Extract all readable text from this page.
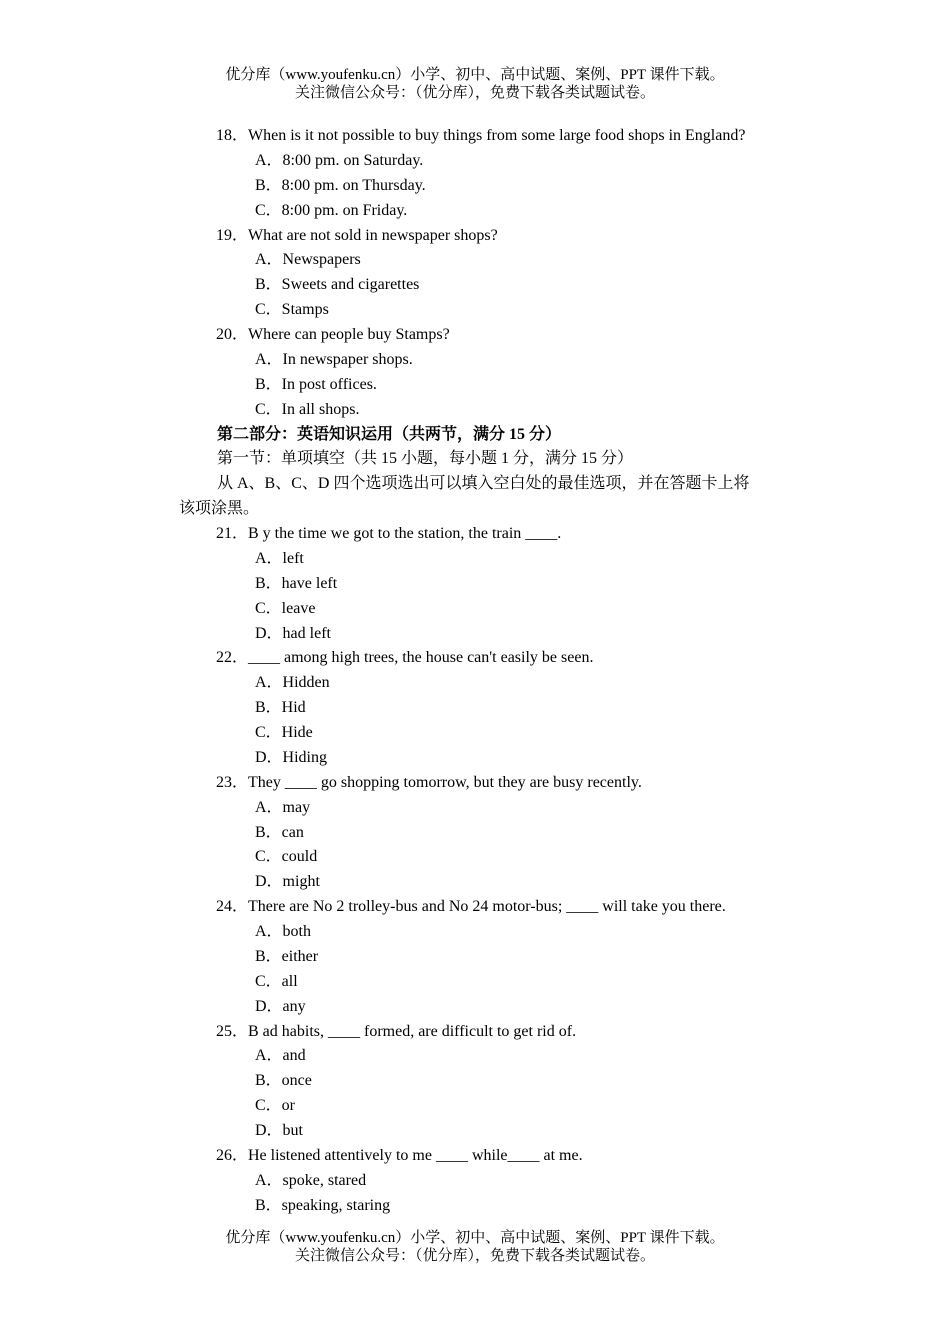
优分库（www.youfenku.cn）小学、初中、高中试题、案例、PPT 课件下载。
关注微信公众号：（优分库），免费下载各类试题试卷。
18．When is it not possible to buy things from some large food shops in England?
A．8:00 pm. on Saturday.
B．8:00 pm. on Thursday.
C．8:00 pm. on Friday.
19．What are not sold in newspaper shops?
A．Newspapers
B．Sweets and cigarettes
C．Stamps
20．Where can people buy Stamps?
A．In newspaper shops.
B．In post offices.
C．In all shops.
第二部分：英语知识运用（共两节，满分 15 分）
第一节：单项填空（共 15 小题，每小题 1 分，满分 15 分）
从 A、B、C、D 四个选项选出可以填入空白处的最佳选项，并在答题卡上将
该项涂黑。
21．B y the time we got to the station, the train ____.
A．left
B．have left
C．leave
D．had left
22．____ among high trees, the house can't easily be seen.
A．Hidden
B．Hid
C．Hide
D．Hiding
23．They ____ go shopping tomorrow, but they are busy recently.
A．may
B．can
C．could
D．might
24．There are No 2 trolley-bus and No 24 motor-bus; ____ will take you there.
A．both
B．either
C．all
D．any
25．B ad habits, ____ formed, are difficult to get rid of.
A．and
B．once
C．or
D．but
26．He listened attentively to me ____ while____ at me.
A．spoke, stared
B．speaking, staring
优分库（www.youfenku.cn）小学、初中、高中试题、案例、PPT 课件下载。
关注微信公众号：（优分库），免费下载各类试题试卷。
